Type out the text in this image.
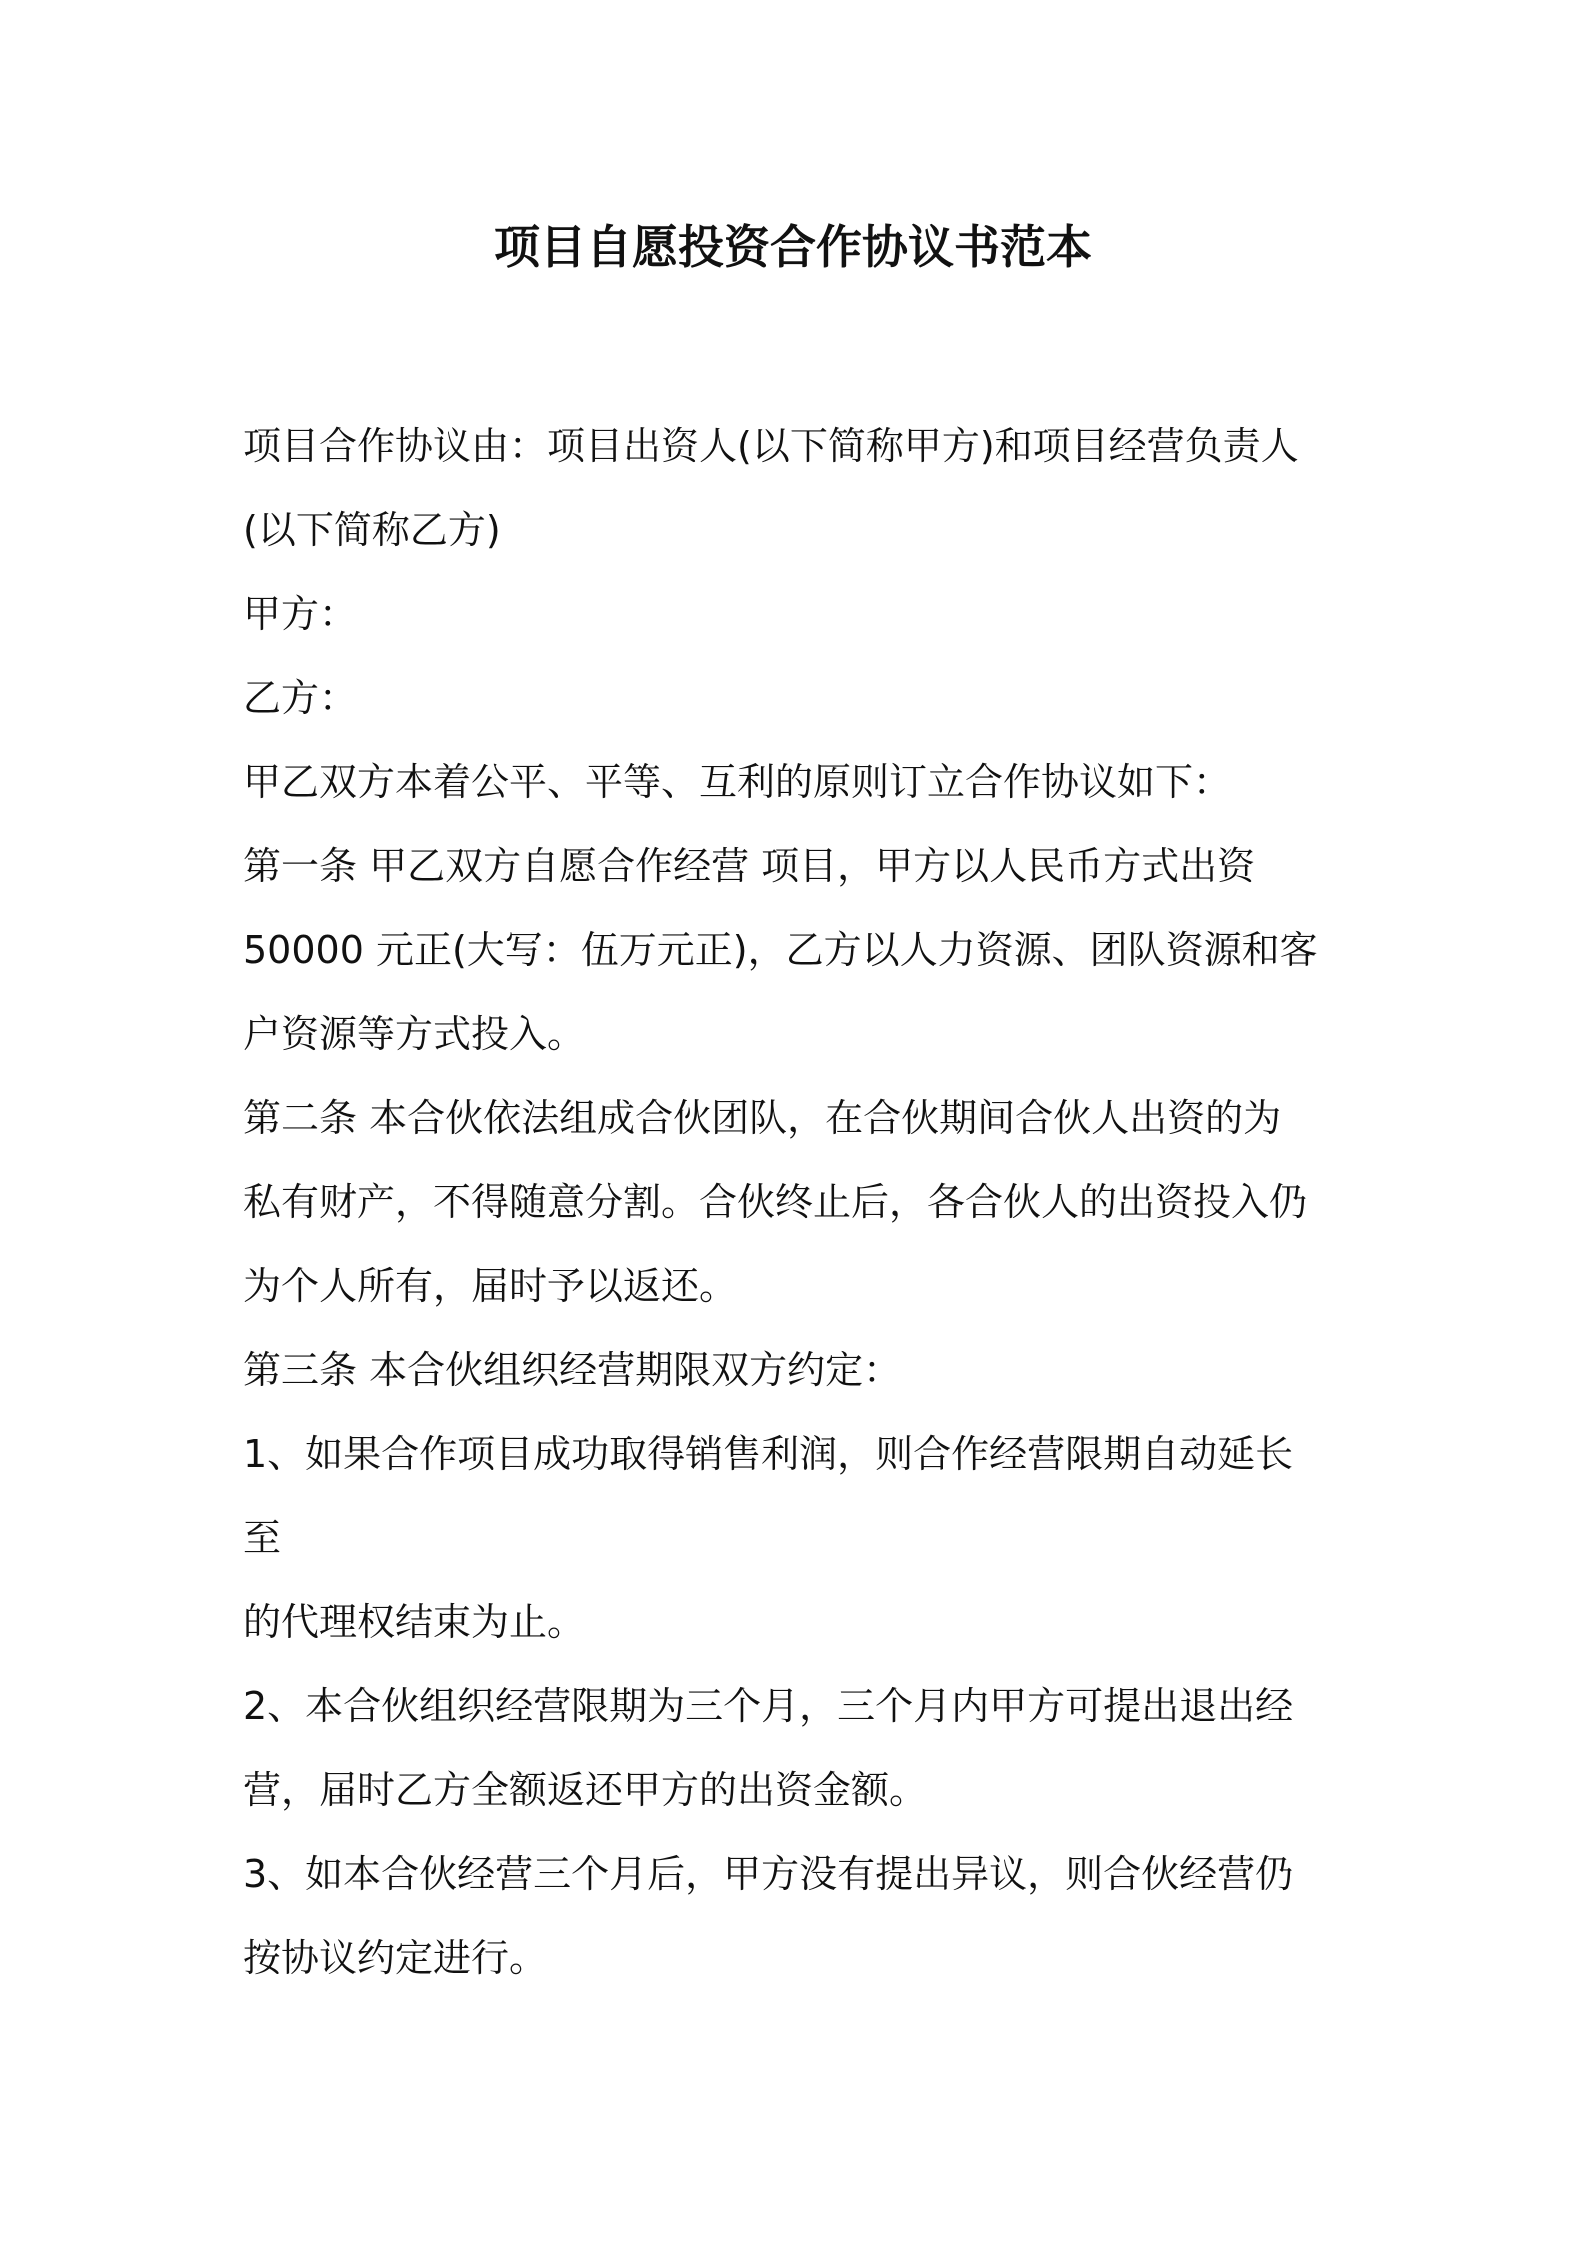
项目自愿投资合作协议书范本

项目合作协议由：项目出资人(以下简称甲方)和项目经营负责人

(以下简称乙方)

甲方：

乙方：

甲乙双方本着公平、平等、互利的原则订立合作协议如下：

第一条 甲乙双方自愿合作经营 项目，甲方以人民币方式出资

50000 元正(大写：伍万元正)，乙方以人力资源、团队资源和客

户资源等方式投入。

第二条 本合伙依法组成合伙团队，在合伙期间合伙人出资的为

私有财产，不得随意分割。合伙终止后，各合伙人的出资投入仍

为个人所有，届时予以返还。

第三条 本合伙组织经营期限双方约定：

1、如果合作项目成功取得销售利润，则合作经营限期自动延长

至

的代理权结束为止。

2、本合伙组织经营限期为三个月，三个月内甲方可提出退出经

营，届时乙方全额返还甲方的出资金额。

3、如本合伙经营三个月后，甲方没有提出异议，则合伙经营仍

按协议约定进行。
